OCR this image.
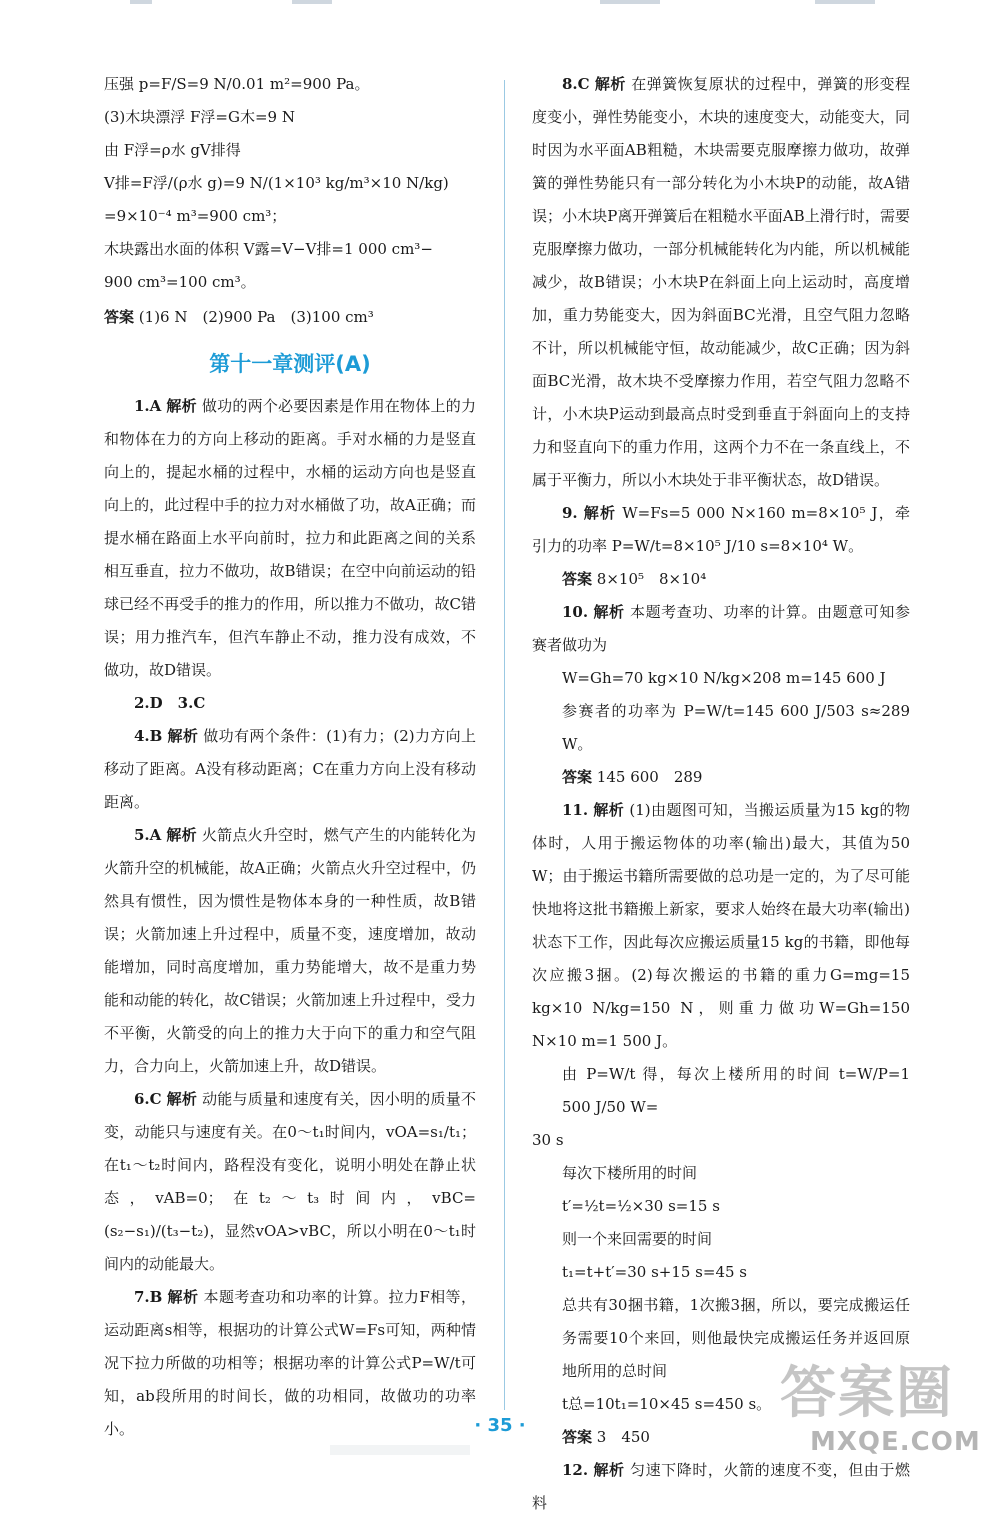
压强 p=F/S=9 N/0.01 m²=900 Pa。

(3)木块漂浮 F浮=G木=9 N

由 F浮=ρ水 gV排得

V排=F浮/(ρ水 g)=9 N/(1×10³ kg/m³×10 N/kg)

=9×10⁻⁴ m³=900 cm³；

木块露出水面的体积 V露=V−V排=1 000 cm³−

900 cm³=100 cm³。

答案 (1)6 N　(2)900 Pa　(3)100 cm³

第十一章测评(A)

1.A 解析 做功的两个必要因素是作用在物体上的力和物体在力的方向上移动的距离。手对水桶的力是竖直向上的，提起水桶的过程中，水桶的运动方向也是竖直向上的，此过程中手的拉力对水桶做了功，故A正确；而提水桶在路面上水平向前时，拉力和此距离之间的关系相互垂直，拉力不做功，故B错误；在空中向前运动的铅球已经不再受手的推力的作用，所以推力不做功，故C错误；用力推汽车，但汽车静止不动，推力没有成效，不做功，故D错误。

2.D　3.C

4.B 解析 做功有两个条件：(1)有力；(2)力方向上移动了距离。A没有移动距离；C在重力方向上没有移动距离。

5.A 解析 火箭点火升空时，燃气产生的内能转化为火箭升空的机械能，故A正确；火箭点火升空过程中，仍然具有惯性，因为惯性是物体本身的一种性质，故B错误；火箭加速上升过程中，质量不变，速度增加，故动能增加，同时高度增加，重力势能增大，故不是重力势能和动能的转化，故C错误；火箭加速上升过程中，受力不平衡，火箭受的向上的推力大于向下的重力和空气阻力，合力向上，火箭加速上升，故D错误。

6.C 解析 动能与质量和速度有关，因小明的质量不变，动能只与速度有关。在0～t₁时间内，vOA=s₁/t₁；在t₁～t₂时间内，路程没有变化，说明小明处在静止状态，vAB=0；在t₂～t₃时间内，vBC=(s₂−s₁)/(t₃−t₂)，显然vOA>vBC，所以小明在0～t₁时间内的动能最大。

7.B 解析 本题考查功和功率的计算。拉力F相等，运动距离s相等，根据功的计算公式W=Fs可知，两种情况下拉力所做的功相等；根据功率的计算公式P=W/t可知，ab段所用的时间长，做的功相同，故做功的功率小。

8.C 解析 在弹簧恢复原状的过程中，弹簧的形变程度变小，弹性势能变小，木块的速度变大，动能变大，同时因为水平面AB粗糙，木块需要克服摩擦力做功，故弹簧的弹性势能只有一部分转化为小木块P的动能，故A错误；小木块P离开弹簧后在粗糙水平面AB上滑行时，需要克服摩擦力做功，一部分机械能转化为内能，所以机械能减少，故B错误；小木块P在斜面上向上运动时，高度增加，重力势能变大，因为斜面BC光滑，且空气阻力忽略不计，所以机械能守恒，故动能减少，故C正确；因为斜面BC光滑，故木块不受摩擦力作用，若空气阻力忽略不计，小木块P运动到最高点时受到垂直于斜面向上的支持力和竖直向下的重力作用，这两个力不在一条直线上，不属于平衡力，所以小木块处于非平衡状态，故D错误。

9. 解析 W=Fs=5 000 N×160 m=8×10⁵ J，牵引力的功率 P=W/t=8×10⁵ J/10 s=8×10⁴ W。

答案 8×10⁵　8×10⁴

10. 解析 本题考查功、功率的计算。由题意可知参赛者做功为

W=Gh=70 kg×10 N/kg×208 m=145 600 J

参赛者的功率为 P=W/t=145 600 J/503 s≈289 W。

答案 145 600　289

11. 解析 (1)由题图可知，当搬运质量为15 kg的物体时，人用于搬运物体的功率(输出)最大，其值为50 W；由于搬运书籍所需要做的总功是一定的，为了尽可能快地将这批书籍搬上新家，要求人始终在最大功率(输出)状态下工作，因此每次应搬运质量15 kg的书籍，即他每次应搬3捆。(2)每次搬运的书籍的重力G=mg=15 kg×10 N/kg=150 N，则重力做功W=Gh=150 N×10 m=1 500 J。

由 P=W/t 得，每次上楼所用的时间 t=W/P=1 500 J/50 W=

30 s

每次下楼所用的时间

t′=½t=½×30 s=15 s

则一个来回需要的时间

t₁=t+t′=30 s+15 s=45 s

总共有30捆书籍，1次搬3捆，所以，要完成搬运任务需要10个来回，则他最快完成搬运任务并返回原地所用的总时间

t总=10t₁=10×45 s=450 s。

答案 3　450

12. 解析 匀速下降时，火箭的速度不变，但由于燃料

· 35 ·	答案圈
MXQE.COM
